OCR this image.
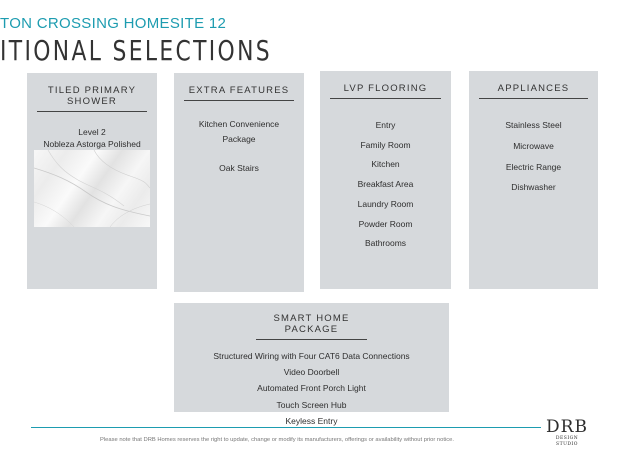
TON CROSSING HOMESITE 12
ITIONAL SELECTIONS
TILED PRIMARY SHOWER
Level 2
Nobleza Astorga Polished
EXTRA FEATURES
Kitchen Convenience
Package
Oak Stairs
LVP FLOORING
Entry
Family Room
Kitchen
Breakfast Area
Laundry Room
Powder Room
Bathrooms
APPLIANCES
Stainless Steel
Microwave
Electric Range
Dishwasher
SMART HOME PACKAGE
Structured Wiring with Four CAT6 Data Connections
Video Doorbell
Automated Front Porch Light
Touch Screen Hub
Keyless Entry
Please note that DRB Homes reserves the right to update, change or modify its manufacturers, offerings or availability without prior notice.
DRB
DESIGN STUDIO
